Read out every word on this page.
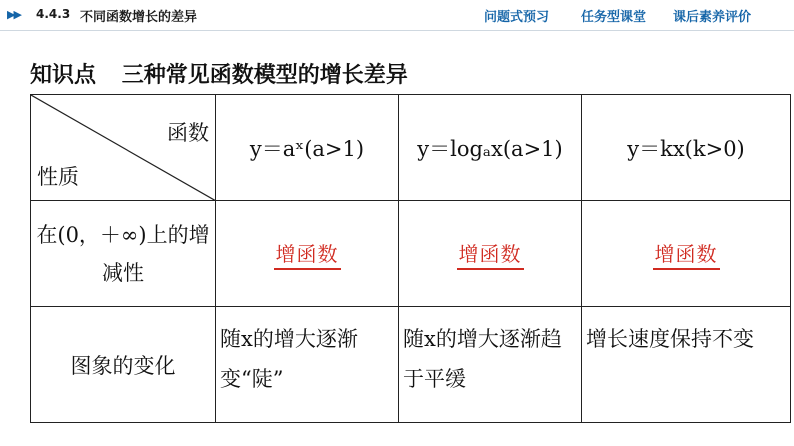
▶▶ 4.4.3 不同函数增长的差异	问题式预习 任务型课堂 课后素养评价
知识点 三种常见函数模型的增长差异
函数
性质	y＝aˣ(a>1)	y＝logₐx(a>1)	y＝kx(k>0)
在(0，＋∞)上的增减性	增函数	增函数	增函数
图象的变化	随x的增大逐渐变“陡”	随x的增大逐渐趋于平缓	增长速度保持不变
